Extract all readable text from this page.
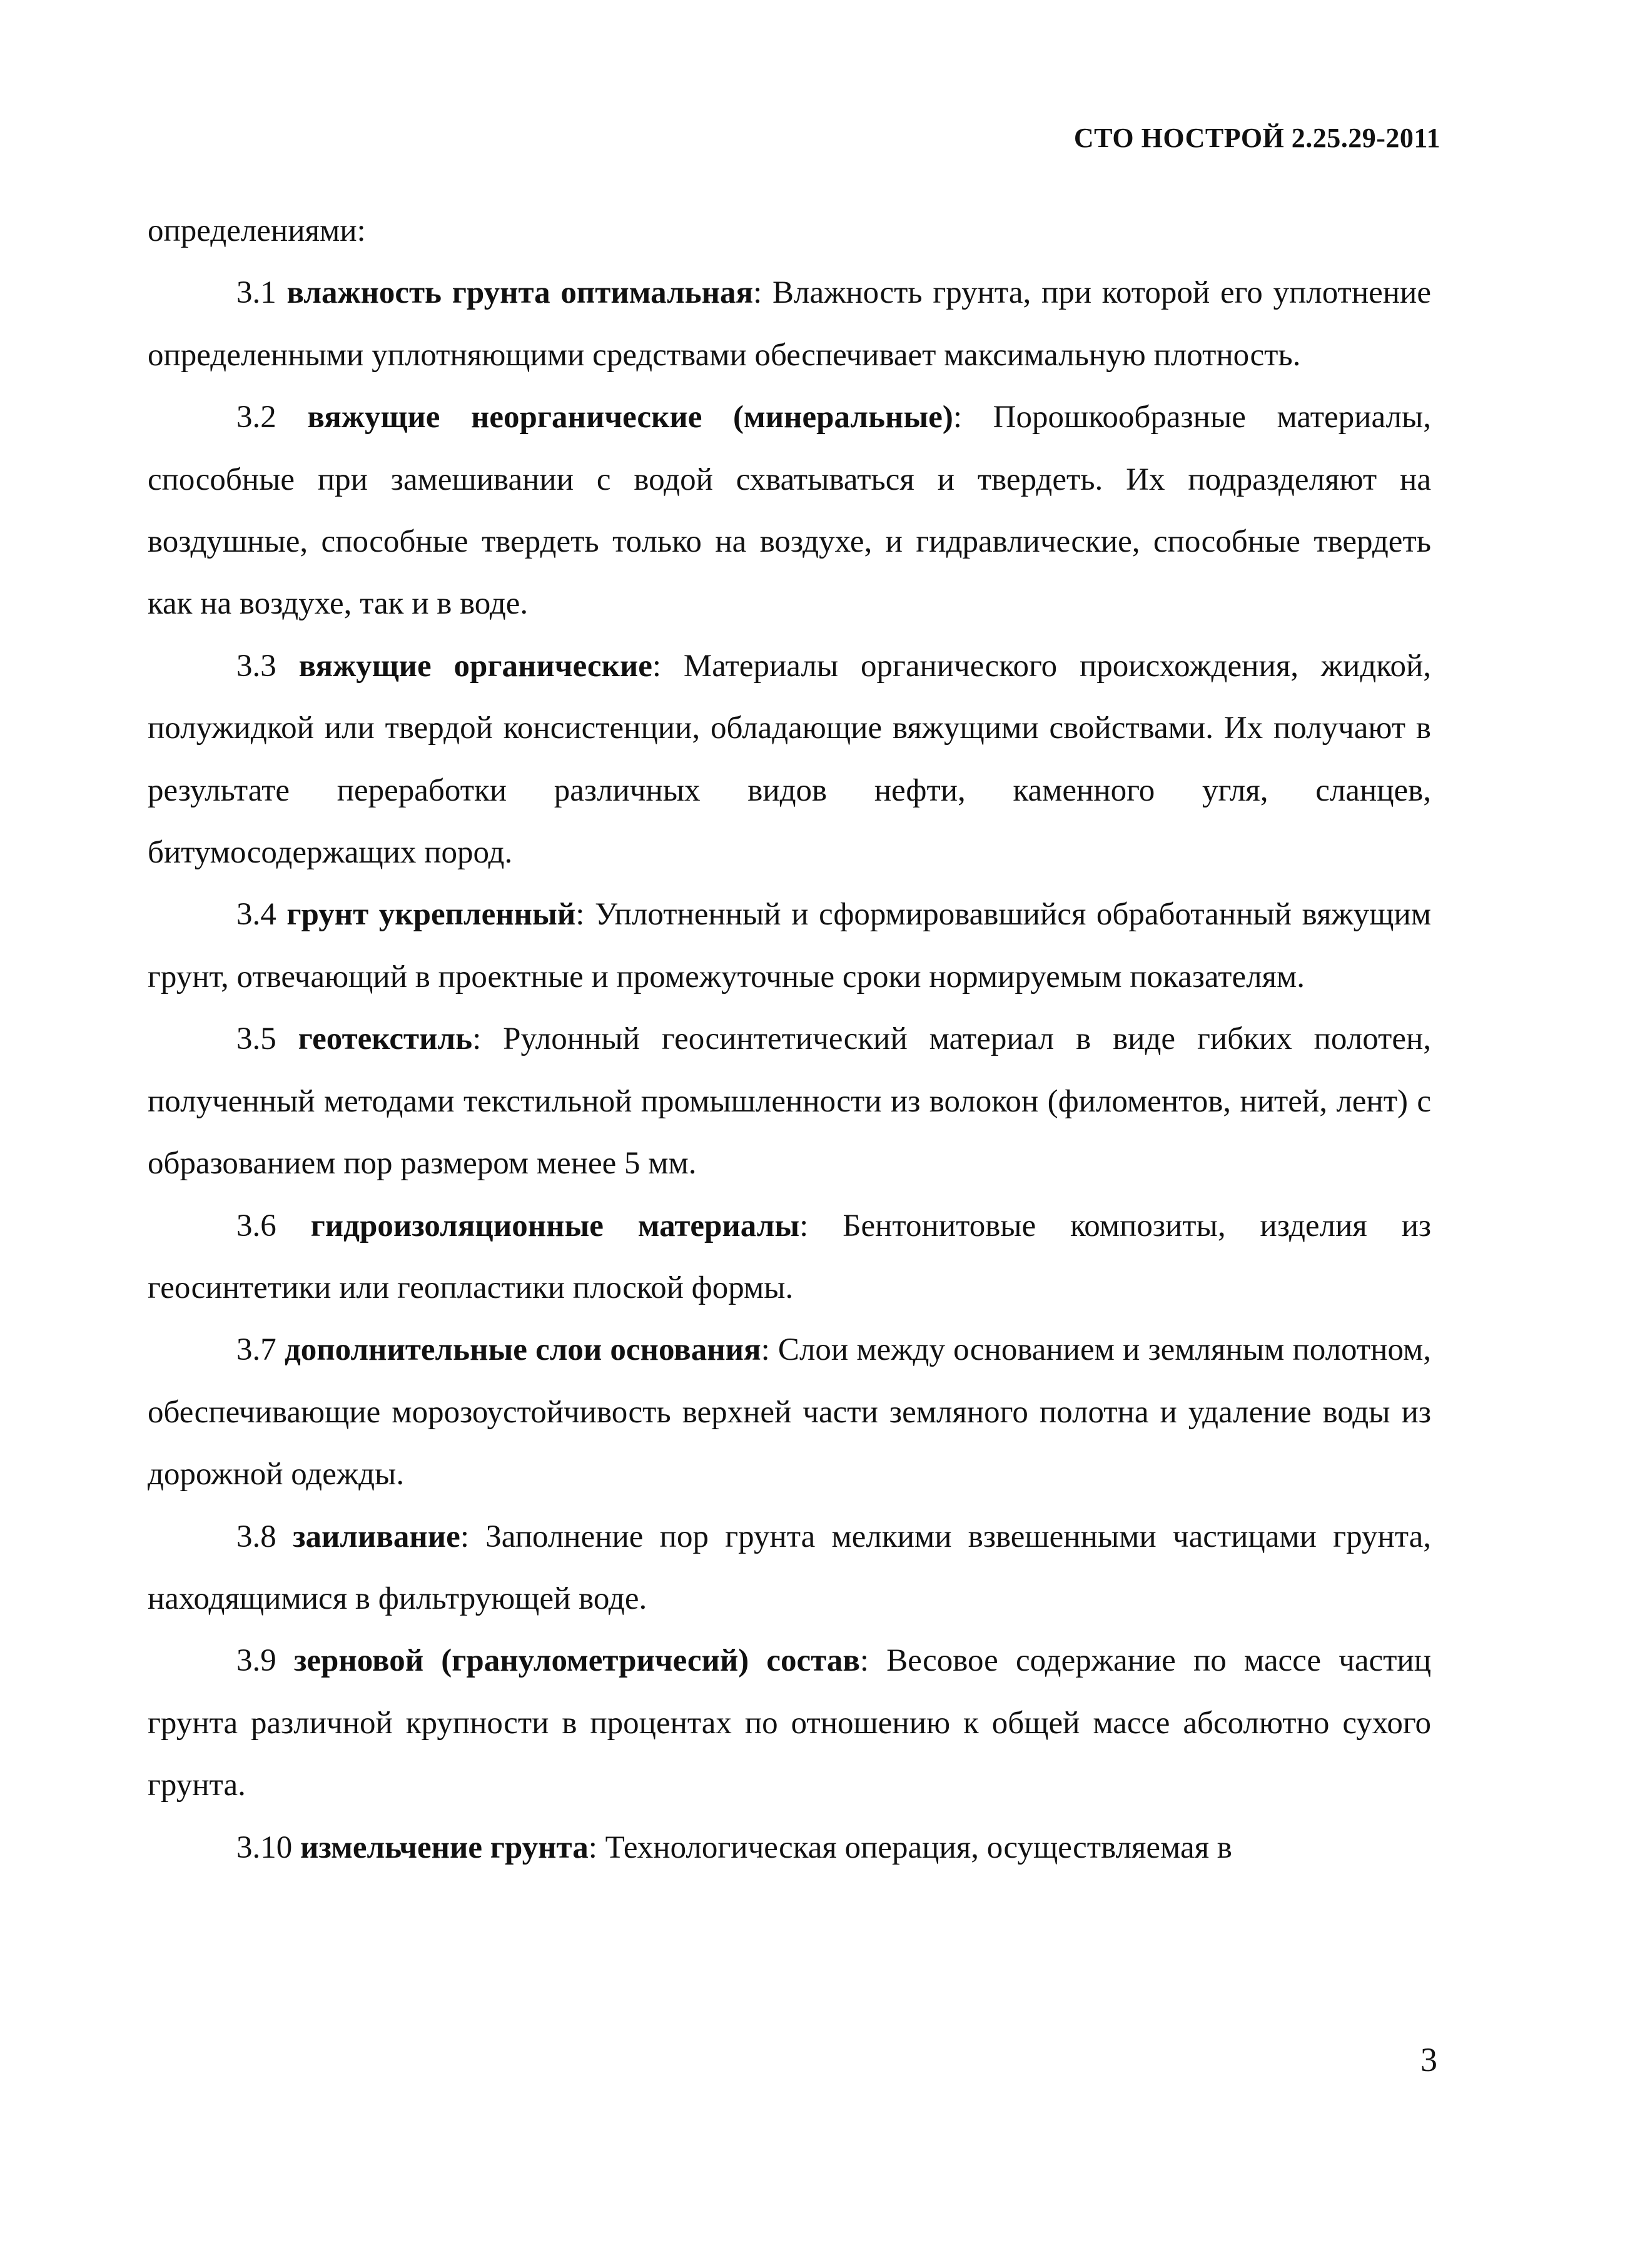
СТО НОСТРОЙ 2.25.29-2011

определениями:

3.1 влажность грунта оптимальная: Влажность грунта, при которой его уплотнение определенными уплотняющими средствами обеспечивает максимальную плотность.

3.2 вяжущие неорганические (минеральные): Порошкообразные материалы, способные при замешивании с водой схватываться и твердеть. Их подразделяют на воздушные, способные твердеть только на воздухе, и гидравлические, способные твердеть как на воздухе, так и в воде.

3.3 вяжущие органические: Материалы органического происхождения, жидкой, полужидкой или твердой консистенции, обладающие вяжущими свойствами. Их получают в результате переработки различных видов нефти, каменного угля, сланцев, битумосодержащих пород.

3.4 грунт укрепленный: Уплотненный и сформировавшийся обработанный вяжущим грунт, отвечающий в проектные и промежуточные сроки нормируемым показателям.

3.5 геотекстиль: Рулонный геосинтетический материал в виде гибких полотен, полученный методами текстильной промышленности из волокон (филоментов, нитей, лент) с образованием пор размером менее 5 мм.

3.6 гидроизоляционные материалы: Бентонитовые композиты, изделия из геосинтетики или геопластики плоской формы.

3.7 дополнительные слои основания: Слои между основанием и земляным полотном, обеспечивающие морозоустойчивость верхней части земляного полотна и удаление воды из дорожной одежды.

3.8 заиливание: Заполнение пор грунта мелкими взвешенными частицами грунта, находящимися в фильтрующей воде.

3.9 зерновой (гранулометричесий) состав: Весовое содержание по массе частиц грунта различной крупности в процентах по отношению к общей массе абсолютно сухого грунта.

3.10 измельчение грунта: Технологическая операция, осуществляемая в

3
